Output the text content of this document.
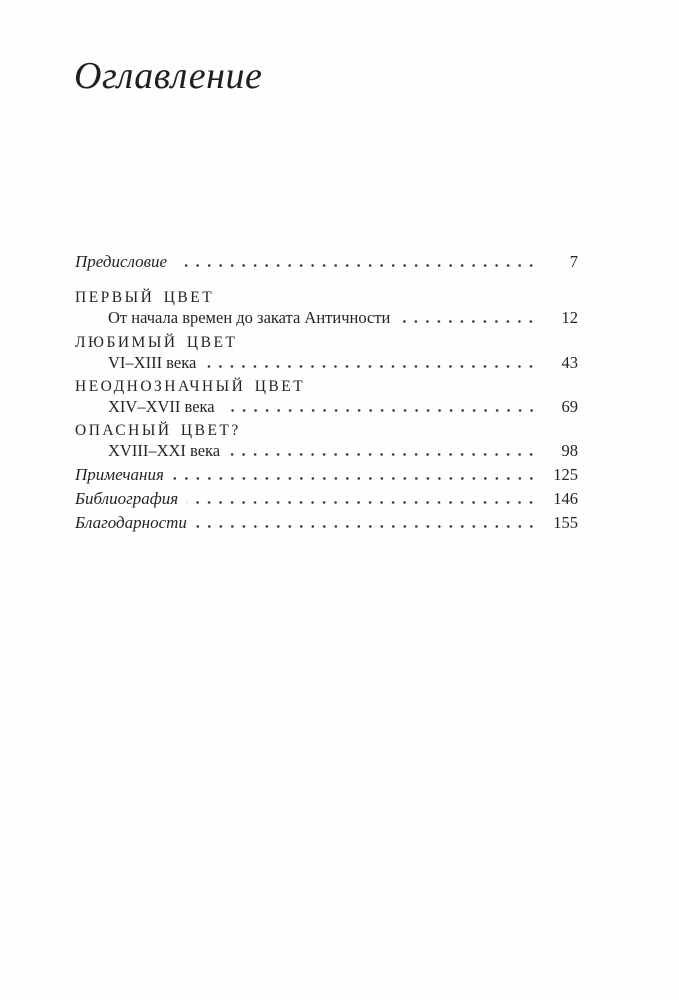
Оглавление
Предисловие	7
ПЕРВЫЙ ЦВЕТ
От начала времен до заката Античности	12
ЛЮБИМЫЙ ЦВЕТ
VI–XIII века	43
НЕОДНОЗНАЧНЫЙ ЦВЕТ
XIV–XVII века	69
ОПАСНЫЙ ЦВЕТ?
XVIII–XXI века	98
Примечания	125
Библиография	146
Благодарности	155
